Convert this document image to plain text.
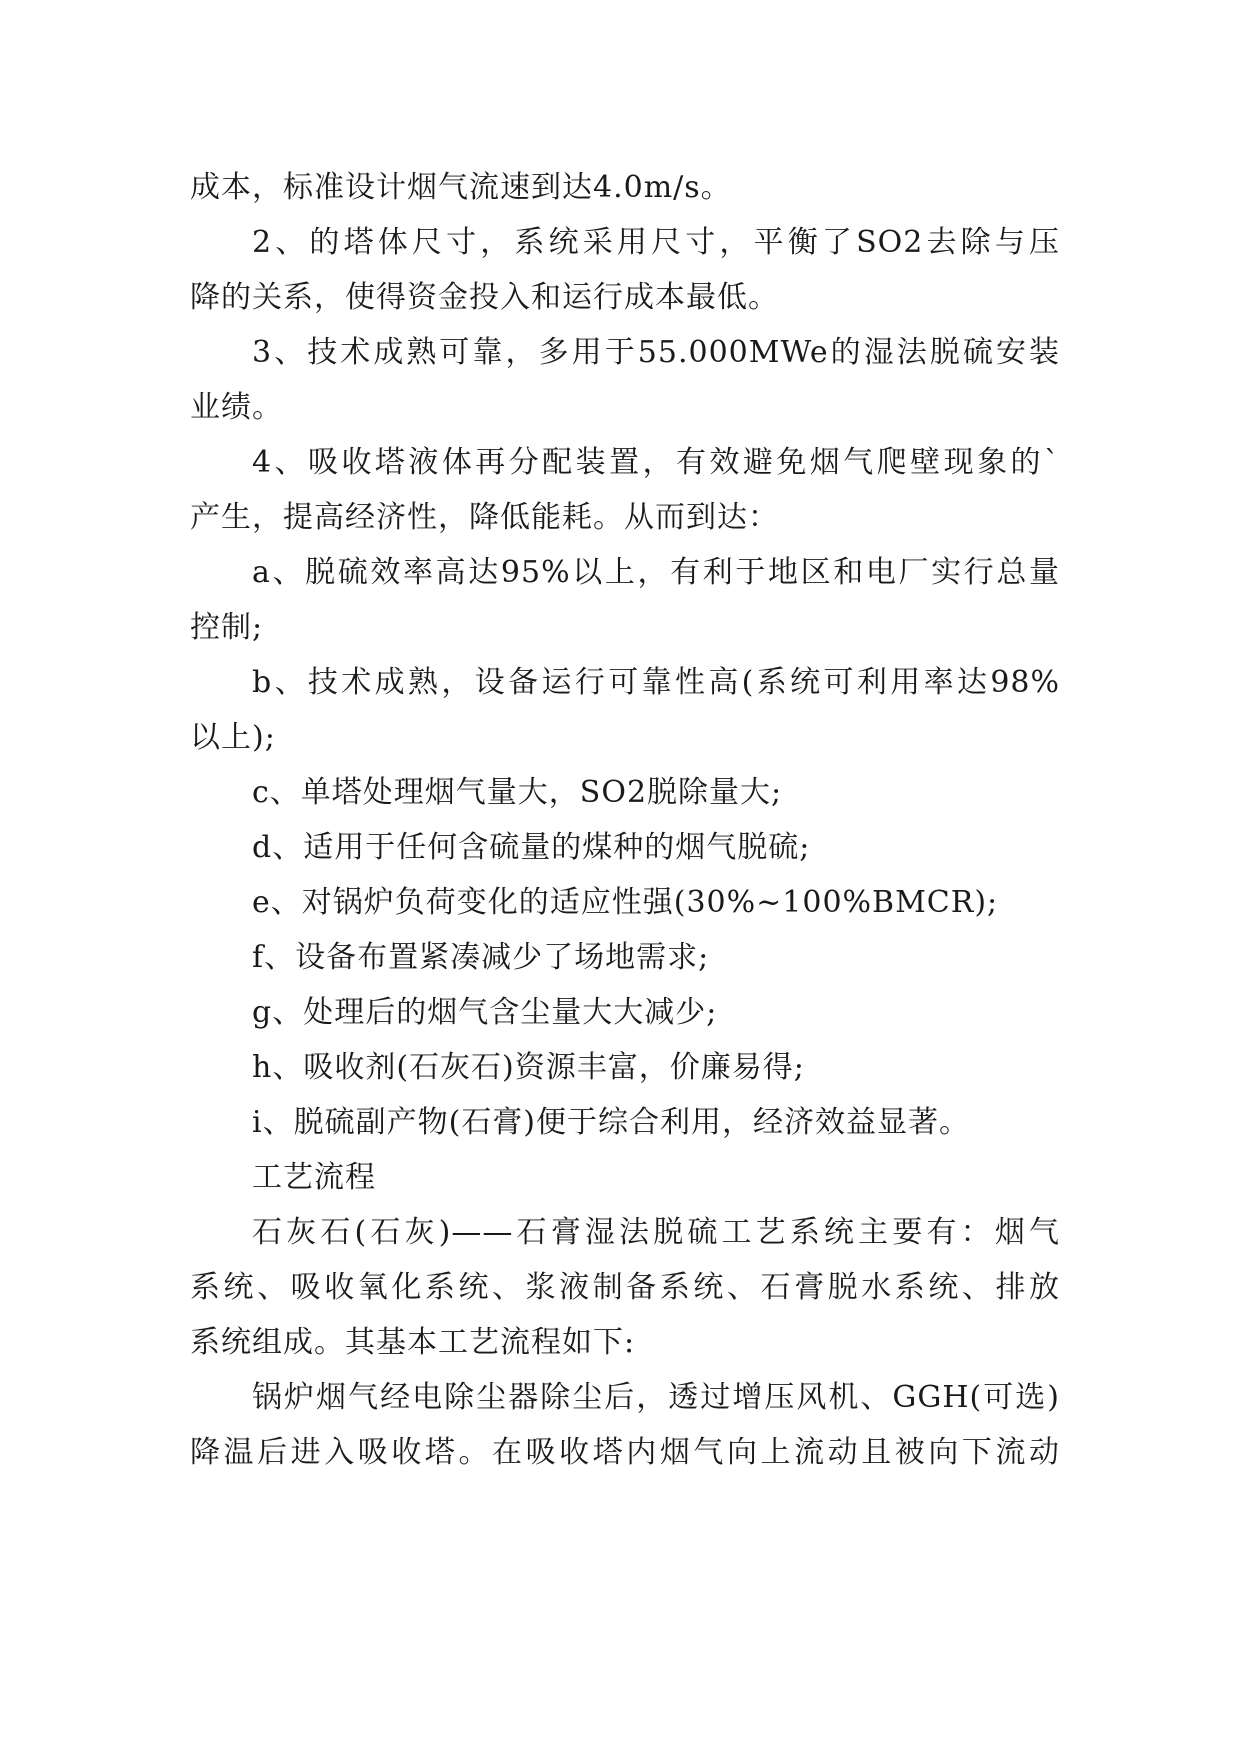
成本，标准设计烟气流速到达4.0m/s。
2、的塔体尺寸，系统采用尺寸，平衡了SO2去除与压
降的关系，使得资金投入和运行成本最低。
3、技术成熟可靠，多用于55.000MWe的湿法脱硫安装
业绩。
4、吸收塔液体再分配装置，有效避免烟气爬壁现象的`
产生，提高经济性，降低能耗。从而到达：
a、脱硫效率高达95%以上，有利于地区和电厂实行总量
控制;
b、技术成熟，设备运行可靠性高(系统可利用率达98%
以上);
c、单塔处理烟气量大，SO2脱除量大;
d、适用于任何含硫量的煤种的烟气脱硫;
e、对锅炉负荷变化的适应性强(30%~100%BMCR);
f、设备布置紧凑减少了场地需求;
g、处理后的烟气含尘量大大减少;
h、吸收剂(石灰石)资源丰富，价廉易得;
i、脱硫副产物(石膏)便于综合利用，经济效益显著。
工艺流程
石灰石(石灰)——石膏湿法脱硫工艺系统主要有：烟气
系统、吸收氧化系统、浆液制备系统、石膏脱水系统、排放
系统组成。其基本工艺流程如下:
锅炉烟气经电除尘器除尘后，透过增压风机、GGH(可选)
降温后进入吸收塔。在吸收塔内烟气向上流动且被向下流动
